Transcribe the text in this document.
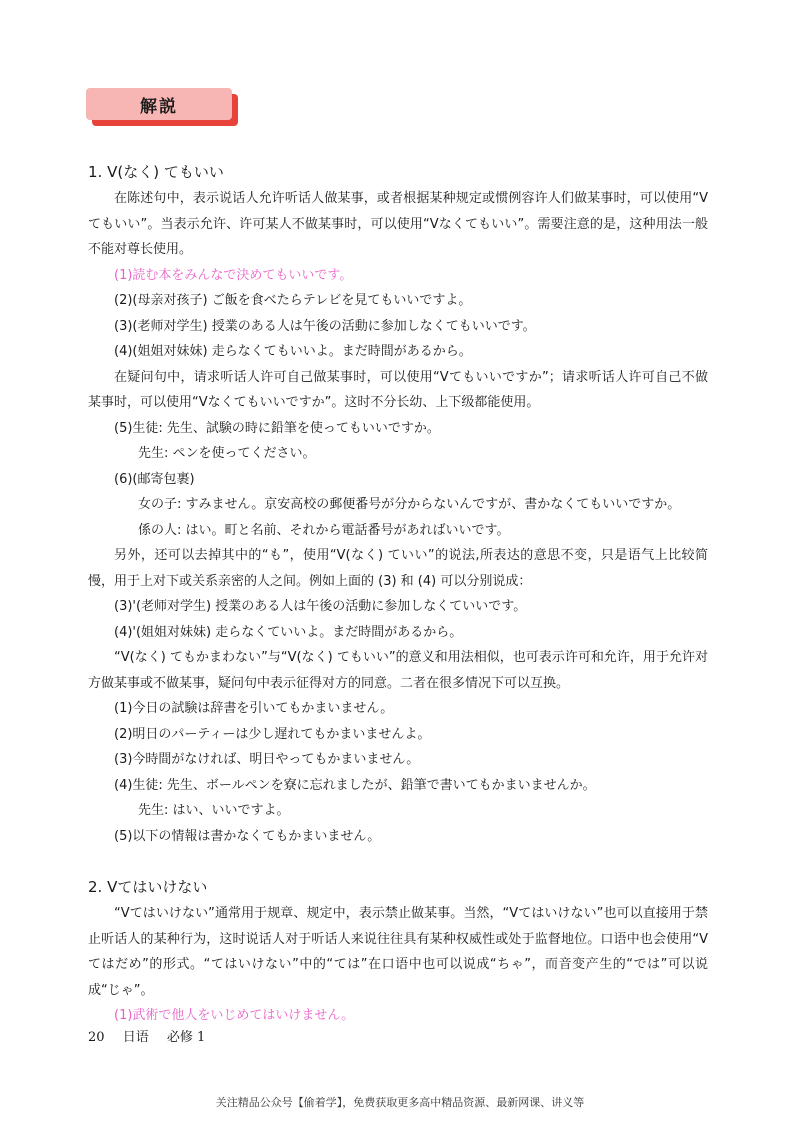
解説
1. V(なく) てもいい

在陈述句中，表示说话人允许听话人做某事，或者根据某种规定或惯例容许人们做某事时，可以使用“Vてもいい”。当表示允许、许可某人不做某事时，可以使用“Vなくてもいい”。需要注意的是，这种用法一般不能对尊长使用。

(1)読む本をみんなで決めてもいいです。

(2)(母亲对孩子) ご飯を食べたらテレビを見てもいいですよ。

(3)(老师对学生) 授業のある人は午後の活動に参加しなくてもいいです。

(4)(姐姐对妹妹) 走らなくてもいいよ。まだ時間があるから。

在疑问句中，请求听话人许可自己做某事时，可以使用“Vてもいいですか”；请求听话人许可自己不做某事时，可以使用“Vなくてもいいですか”。这时不分长幼、上下级都能使用。

(5)生徒: 先生、試験の時に鉛筆を使ってもいいですか。

先生: ペンを使ってください。

(6)(邮寄包裹)

女の子: すみません。京安高校の郵便番号が分からないんですが、書かなくてもいいですか。

係の人: はい。町と名前、それから電話番号があればいいです。

另外，还可以去掉其中的“も”，使用“V(なく) ていい”的说法,所表达的意思不变，只是语气上比较简慢，用于上对下或关系亲密的人之间。例如上面的 (3) 和 (4) 可以分别说成：

(3)'(老师对学生) 授業のある人は午後の活動に参加しなくていいです。

(4)'(姐姐对妹妹) 走らなくていいよ。まだ時間があるから。

“V(なく) てもかまわない”与“V(なく) てもいい”的意义和用法相似，也可表示许可和允许，用于允许对方做某事或不做某事，疑问句中表示征得对方的同意。二者在很多情况下可以互换。

(1)今日の試験は辞書を引いてもかまいません。

(2)明日のパーティーは少し遅れてもかまいませんよ。

(3)今時間がなければ、明日やってもかまいません。

(4)生徒: 先生、ボールペンを寮に忘れましたが、鉛筆で書いてもかまいませんか。

先生: はい、いいですよ。

(5)以下の情報は書かなくてもかまいません。

2. Vてはいけない

“Vてはいけない”通常用于规章、规定中，表示禁止做某事。当然，“Vてはいけない”也可以直接用于禁止听话人的某种行为，这时说话人对于听话人来说往往具有某种权威性或处于监督地位。口语中也会使用“Vてはだめ”的形式。“てはいけない”中的“ては”在口语中也可以说成“ちゃ”，而音变产生的“では”可以说成“じゃ”。

(1)武術で他人をいじめてはいけません。

20 日语 必修 1
关注精品公众号【偷着学】，免费获取更多高中精品资源、最新网课、讲义等
